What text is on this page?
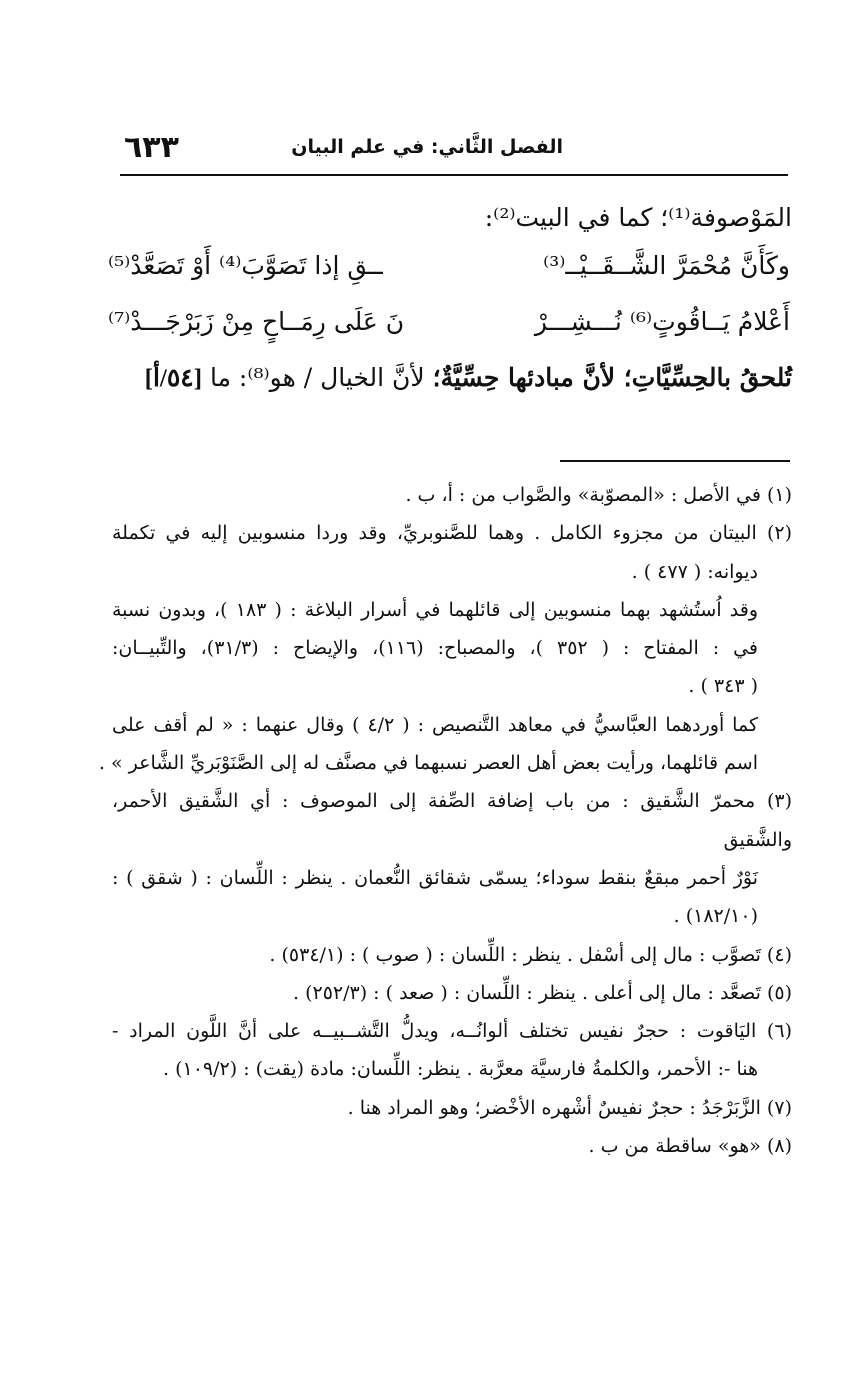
٦٣٣	الفصل الثَّاني: في علم البيان
المَوْصوفة⁽¹⁾؛ كما في البيت⁽²⁾:
وكَأَنَّ مُحْمَرَّ الشَّــقَــيْــ⁽³⁾
ــقِ إذا تَصَوَّبَ⁽⁴⁾ أَوْ تَصَعَّدْ⁽⁵⁾
أَعْلامُ يَــاقُوتٍ⁽⁶⁾ نُـــشِـــرْ
نَ عَلَى رِمَــاحٍ مِنْ زَبَرْجَـــدْ⁽⁷⁾
تُلحقُ بالحِسِّيَّاتِ؛ لأنَّ مبادئها حِسِّيَّةٌ؛ لأنَّ الخيال / هو⁽⁸⁾: ما [٥٤/أ]
(١) في الأصل : «المصوّبة» والصَّواب من : أ، ب .
(٢) البيتان من مجزوء الكامل . وهما للصَّنوبريِّ، وقد وردا منسوبين إليه في تكملة
ديوانه: ( ٤٧٧ ) .
وقد اُستُشهد بهما منسوبين إلى قائلهما في أسرار البلاغة : ( ١٨٣ )، وبدون نسبة
في : المفتاح : ( ٣٥٢ )، والمصباح: (١١٦)، والإيضاح : (٣١/٣)، والتِّبيــان:
( ٣٤٣ ) .
كما أوردهما العبَّاسيُّ في معاهد التَّنصيص : ( ٤/٢ ) وقال عنهما : « لم أقف على
اسم قائلهما، ورأيت بعض أهل العصر نسبهما في مصنَّف له إلى الصَّنَوْبَريِّ الشَّاعر » .
(٣) محمرّ الشَّقيق : من باب إضافة الصِّفة إلى الموصوف : أي الشَّقيق الأحمر، والشَّقيق
نَوْرٌ أحمر مبقعٌ بنقط سوداء؛ يسمّى شقائق النُّعمان . ينظر : اللِّسان : ( شقق ) :
(١٨٢/١٠) .
(٤) تَصوَّب : مال إلى أسْفل . ينظر : اللِّسان : ( صوب ) : (٥٣٤/١) .
(٥) تَصعَّد : مال إلى أعلى . ينظر : اللِّسان : ( صعد ) : (٢٥٢/٣) .
(٦) اليَاقوت : حجرٌ نفيس تختلف ألوانُــه، ويدلُّ التَّشــبيــه على أنَّ اللَّون المراد -
هنا -: الأحمر، والكلمةُ فارسيَّة معرَّبة . ينظر: اللِّسان: مادة (يقت) : (١٠٩/٢) .
(٧) الزَّبَرْجَدُ : حجرٌ نفيسٌ أشْهره الأخْضر؛ وهو المراد هنا .
(٨) «هو» ساقطة من ب .
